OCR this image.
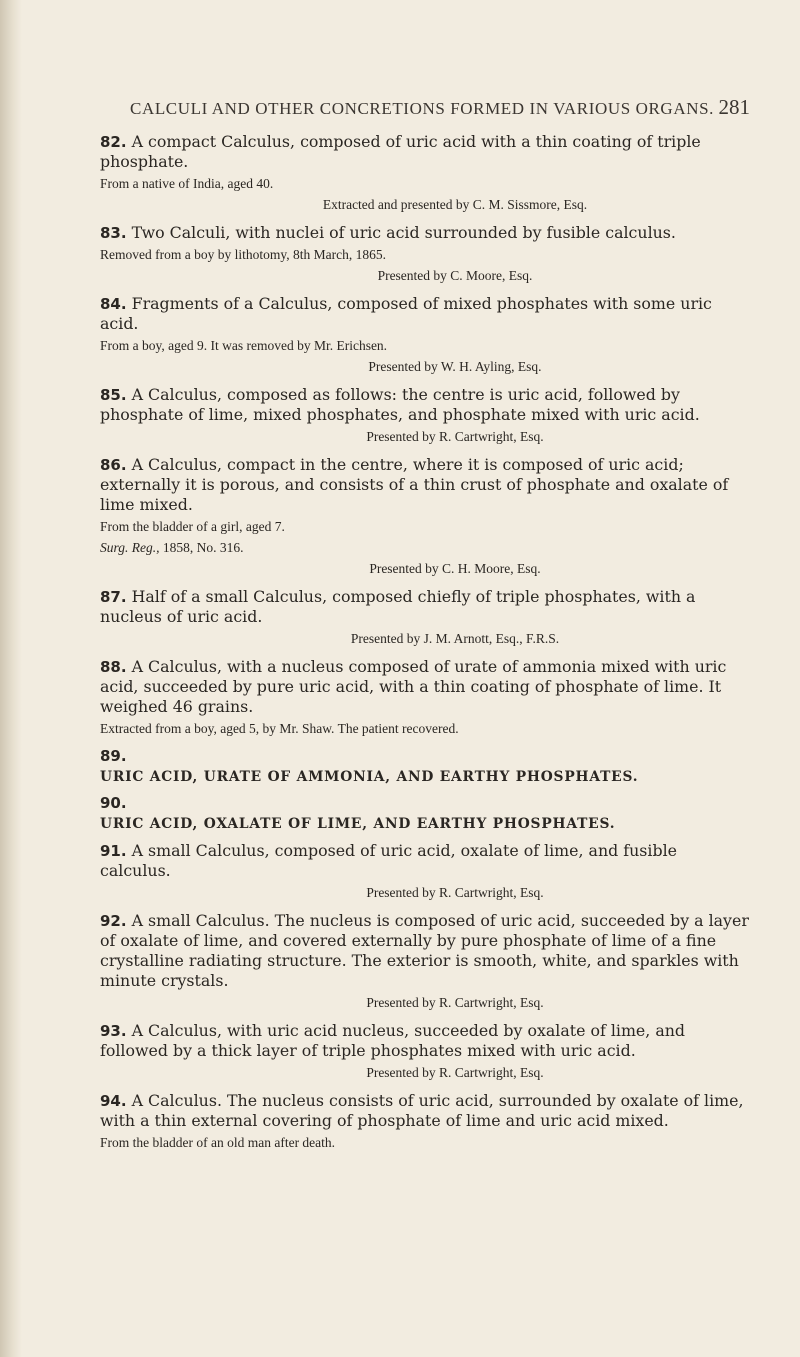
CALCULI AND OTHER CONCRETIONS FORMED IN VARIOUS ORGANS. 281

82. A compact Calculus, composed of uric acid with a thin coating of triple phosphate.

From a native of India, aged 40.

Extracted and presented by C. M. Sissmore, Esq.

83. Two Calculi, with nuclei of uric acid surrounded by fusible calculus.

Removed from a boy by lithotomy, 8th March, 1865.

Presented by C. Moore, Esq.

84. Fragments of a Calculus, composed of mixed phosphates with some uric acid.

From a boy, aged 9. It was removed by Mr. Erichsen.

Presented by W. H. Ayling, Esq.

85. A Calculus, composed as follows: the centre is uric acid, followed by phosphate of lime, mixed phosphates, and phosphate mixed with uric acid.

Presented by R. Cartwright, Esq.

86. A Calculus, compact in the centre, where it is composed of uric acid; externally it is porous, and consists of a thin crust of phosphate and oxalate of lime mixed.

From the bladder of a girl, aged 7.

Surg. Reg., 1858, No. 316.

Presented by C. H. Moore, Esq.

87. Half of a small Calculus, composed chiefly of triple phosphates, with a nucleus of uric acid.

Presented by J. M. Arnott, Esq., F.R.S.

88. A Calculus, with a nucleus composed of urate of ammonia mixed with uric acid, succeeded by pure uric acid, with a thin coating of phosphate of lime. It weighed 46 grains.

Extracted from a boy, aged 5, by Mr. Shaw. The patient recovered.

89.

URIC ACID, URATE OF AMMONIA, AND EARTHY PHOSPHATES.

90.

URIC ACID, OXALATE OF LIME, AND EARTHY PHOSPHATES.

91. A small Calculus, composed of uric acid, oxalate of lime, and fusible calculus.

Presented by R. Cartwright, Esq.

92. A small Calculus. The nucleus is composed of uric acid, succeeded by a layer of oxalate of lime, and covered externally by pure phosphate of lime of a fine crystalline radiating structure. The exterior is smooth, white, and sparkles with minute crystals.

Presented by R. Cartwright, Esq.

93. A Calculus, with uric acid nucleus, succeeded by oxalate of lime, and followed by a thick layer of triple phosphates mixed with uric acid.

Presented by R. Cartwright, Esq.

94. A Calculus. The nucleus consists of uric acid, surrounded by oxalate of lime, with a thin external covering of phosphate of lime and uric acid mixed.

From the bladder of an old man after death.
